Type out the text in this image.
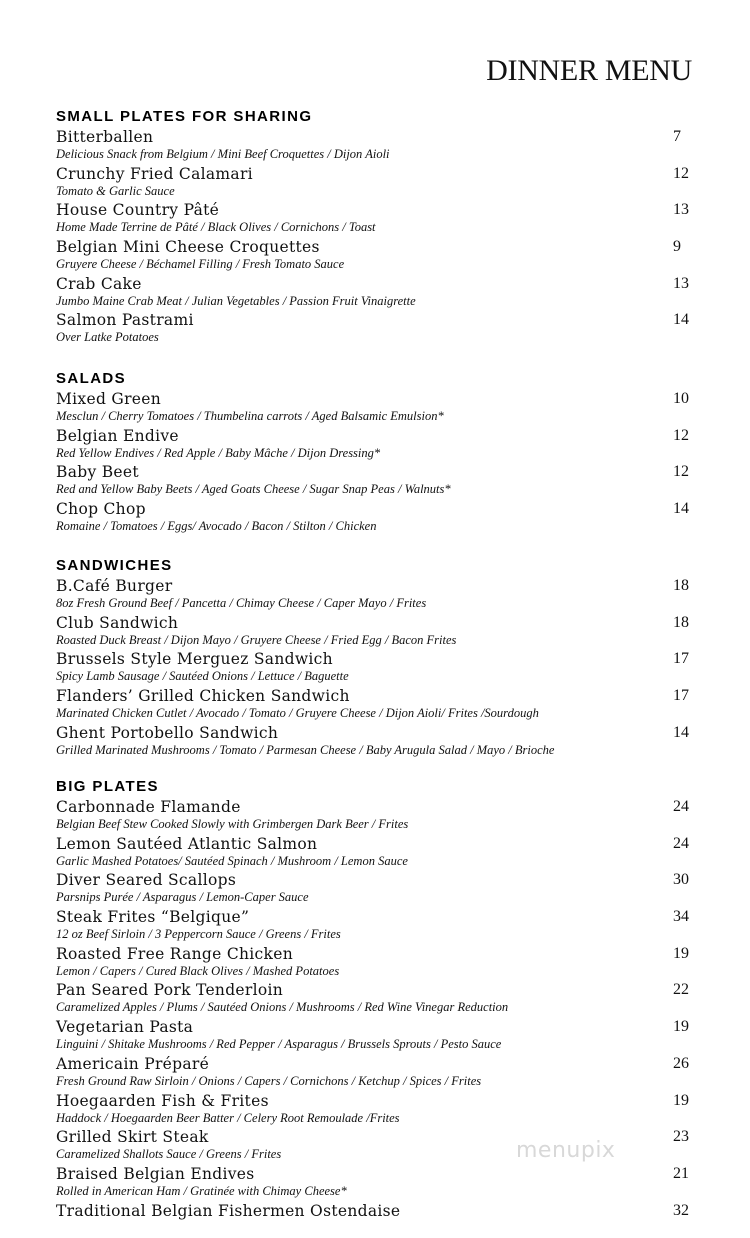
DINNER MENU
SMALL PLATES FOR SHARING
Bitterballen
Delicious Snack from Belgium / Mini Beef Croquettes / Dijon Aioli
7
Crunchy Fried Calamari
Tomato & Garlic Sauce
12
House Country Pâté
Home Made Terrine de Pâté / Black Olives / Cornichons / Toast
13
Belgian Mini Cheese Croquettes
Gruyere Cheese / Béchamel Filling / Fresh Tomato Sauce
9
Crab Cake
Jumbo Maine Crab Meat / Julian Vegetables / Passion Fruit Vinaigrette
13
Salmon Pastrami
Over Latke Potatoes
14
SALADS
Mixed Green
Mesclun / Cherry Tomatoes / Thumbelina carrots / Aged Balsamic Emulsion*
10
Belgian Endive
Red Yellow Endives / Red Apple / Baby Mâche / Dijon Dressing*
12
Baby Beet
Red and Yellow Baby Beets / Aged Goats Cheese / Sugar Snap Peas / Walnuts*
12
Chop Chop
Romaine / Tomatoes / Eggs/ Avocado / Bacon / Stilton / Chicken
14
SANDWICHES
B.Café Burger
8oz Fresh Ground Beef / Pancetta / Chimay Cheese / Caper Mayo / Frites
18
Club Sandwich
Roasted Duck Breast / Dijon Mayo / Gruyere Cheese / Fried Egg / Bacon Frites
18
Brussels Style Merguez Sandwich
Spicy Lamb Sausage / Sautéed Onions / Lettuce / Baguette
17
Flanders’ Grilled Chicken Sandwich
Marinated Chicken Cutlet / Avocado / Tomato / Gruyere Cheese / Dijon Aioli/ Frites /Sourdough
17
Ghent Portobello Sandwich
Grilled Marinated Mushrooms / Tomato / Parmesan Cheese / Baby Arugula Salad / Mayo / Brioche
14
BIG PLATES
Carbonnade Flamande
Belgian Beef Stew Cooked Slowly with Grimbergen Dark Beer / Frites
24
Lemon Sautéed Atlantic Salmon
Garlic Mashed Potatoes/ Sautéed Spinach / Mushroom / Lemon Sauce
24
Diver Seared Scallops
Parsnips Purée / Asparagus / Lemon-Caper Sauce
30
Steak Frites “Belgique”
12 oz Beef Sirloin / 3 Peppercorn Sauce / Greens / Frites
34
Roasted Free Range Chicken
Lemon / Capers / Cured Black Olives / Mashed Potatoes
19
Pan Seared Pork Tenderloin
Caramelized Apples / Plums / Sautéed Onions / Mushrooms / Red Wine Vinegar Reduction
22
Vegetarian Pasta
Linguini / Shitake Mushrooms / Red Pepper / Asparagus / Brussels Sprouts / Pesto Sauce
19
Americain Préparé
Fresh Ground Raw Sirloin / Onions / Capers / Cornichons / Ketchup / Spices / Frites
26
Hoegaarden Fish & Frites
Haddock / Hoegaarden Beer Batter / Celery Root Remoulade /Frites
19
Grilled Skirt Steak
Caramelized Shallots Sauce / Greens / Frites
23
Braised Belgian Endives
Rolled in American Ham / Gratinée with Chimay Cheese*
21
Traditional Belgian Fishermen Ostendaise	32
menupix
